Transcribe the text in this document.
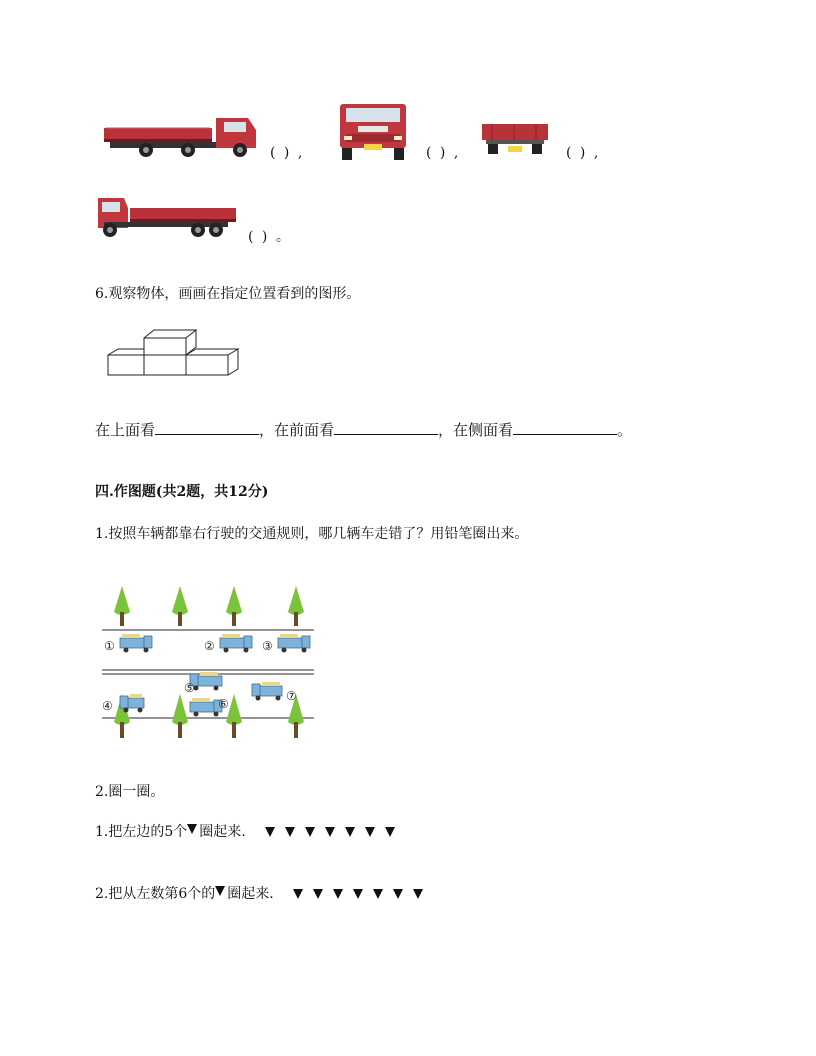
( ) ,	( ) ,	( ) ,
( ) 。
6.观察物体，画画在指定位置看到的图形。
在上面看	，在前面看	，在侧面看	。
四.作图题(共2题，共12分)
1.按照车辆都靠右行驶的交通规则，哪几辆车走错了？用铅笔圈出来。
①	②	③
④
⑤
⑥
⑦
2.圈一圈。
1.把左边的5个 圈起来.
2.把从左数第6个的 圈起来.
